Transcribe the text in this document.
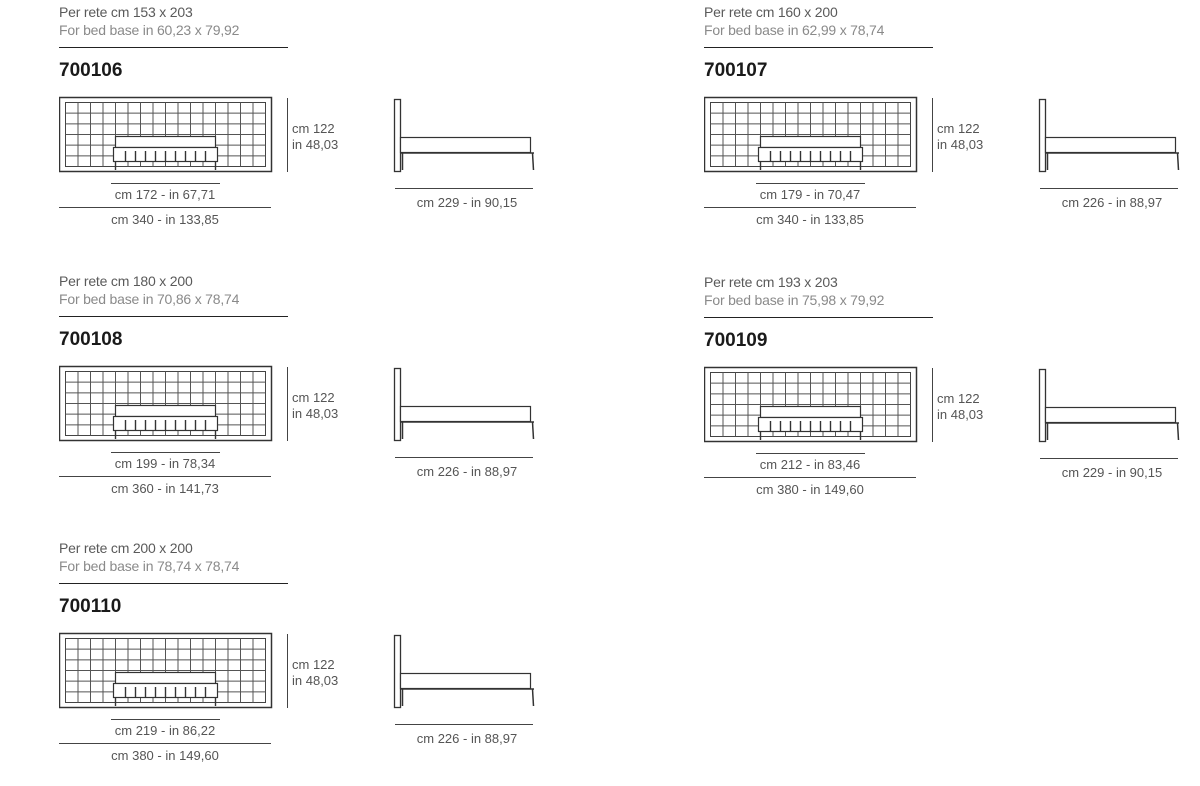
Per rete cm 153 x 203
For bed base in 60,23 x 79,92
700106
cm 122
in 48,03
cm 172 - in 67,71
cm 340 - in 133,85
cm 229 - in 90,15
Per rete cm 160 x 200
For bed base in 62,99 x 78,74
700107
cm 122
in 48,03
cm 179 - in 70,47
cm 340 - in 133,85
cm 226 - in 88,97
Per rete cm 180 x 200
For bed base in 70,86 x 78,74
700108
cm 122
in 48,03
cm 199 - in 78,34
cm 360 - in 141,73
cm 226 - in 88,97
Per rete cm 193 x 203
For bed base in 75,98 x 79,92
700109
cm 122
in 48,03
cm 212 - in 83,46
cm 380 - in 149,60
cm 229 - in 90,15
Per rete cm 200 x 200
For bed base in 78,74 x 78,74
700110
cm 122
in 48,03
cm 219 - in 86,22
cm 380 - in 149,60
cm 226 - in 88,97
